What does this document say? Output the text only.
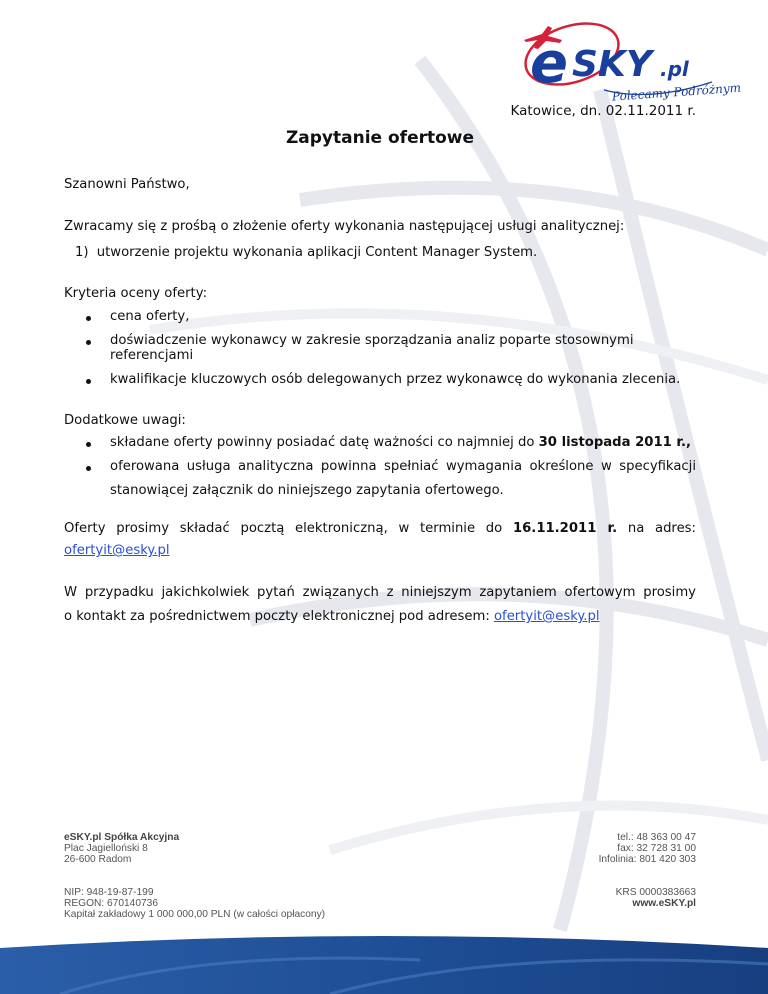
e SKY .pl
Polecamy Podróżnym
Katowice, dn. 02.11.2011 r.
Zapytanie ofertowe
Szanowni Państwo,
Zwracamy się z prośbą o złożenie oferty wykonania następującej usługi analitycznej:
1) utworzenie projektu wykonania aplikacji Content Manager System.
Kryteria oceny oferty:
cena oferty,
doświadczenie wykonawcy w zakresie sporządzania analiz poparte stosownymi
referencjami
kwalifikacje kluczowych osób delegowanych przez wykonawcę do wykonania zlecenia.
Dodatkowe uwagi:
składane oferty powinny posiadać datę ważności co najmniej do 30 listopada 2011 r.,
oferowana usługa analityczna powinna spełniać wymagania określone w specyfikacji
stanowiącej załącznik do niniejszego zapytania ofertowego.
Oferty prosimy składać pocztą elektroniczną, w terminie do 16.11.2011 r. na adres:
ofertyit@esky.pl
W przypadku jakichkolwiek pytań związanych z niniejszym zapytaniem ofertowym prosimy
o kontakt za pośrednictwem poczty elektronicznej pod adresem: ofertyit@esky.pl
eSKY.pl Spółka Akcyjna
Plac Jagielloński 8
26-600 Radom
tel.: 48 363 00 47
fax: 32 728 31 00
Infolinia: 801 420 303
NIP: 948-19-87-199
REGON: 670140736
Kapitał zakładowy 1 000 000,00 PLN (w całości opłacony)
KRS 0000383663
www.eSKY.pl
